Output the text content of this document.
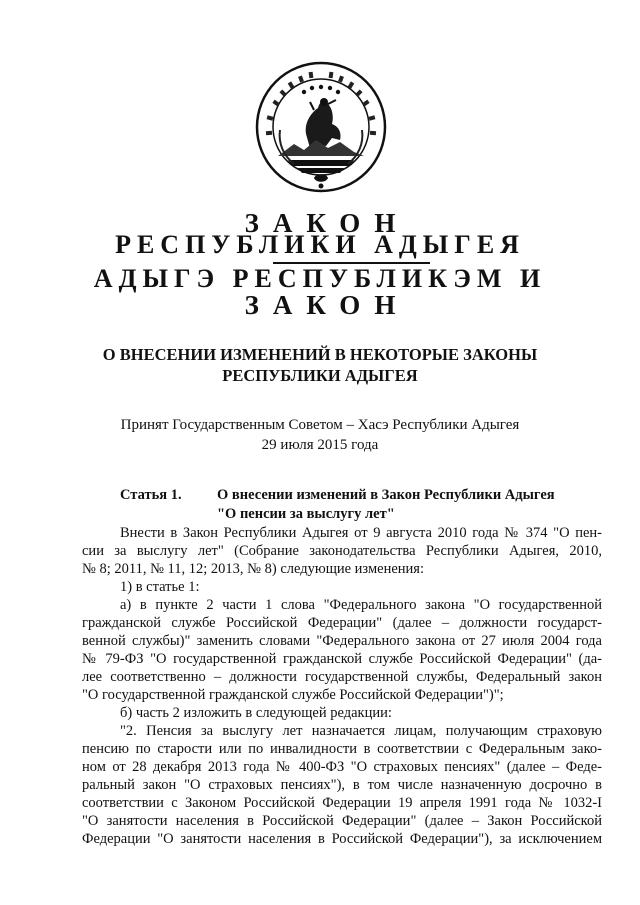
ЗАКОН
РЕСПУБЛИКИ АДЫГЕЯ
АДЫГЭ РЕСПУБЛИКЭМ И
ЗАКОН
О ВНЕСЕНИИ ИЗМЕНЕНИЙ В НЕКОТОРЫЕ ЗАКОНЫ
РЕСПУБЛИКИ АДЫГЕЯ
Принят Государственным Советом – Хасэ Республики Адыгея
29 июля 2015 года
Статья 1. О внесении изменений в Закон Республики Адыгея
"О пенсии за выслугу лет"

Внести в Закон Республики Адыгея от 9 августа 2010 года № 374 "О пен-
сии за выслугу лет" (Собрание законодательства Республики Адыгея, 2010,
№ 8; 2011, № 11, 12; 2013, № 8) следующие изменения:

1) в статье 1:

а) в пункте 2 части 1 слова "Федерального закона "О государственной
гражданской службе Российской Федерации" (далее – должности государст-
венной службы)" заменить словами "Федерального закона от 27 июля 2004 года
№ 79-ФЗ "О государственной гражданской службе Российской Федерации" (да-
лее соответственно – должности государственной службы, Федеральный закон
"О государственной гражданской службе Российской Федерации")";

б) часть 2 изложить в следующей редакции:

"2. Пенсия за выслугу лет назначается лицам, получающим страховую
пенсию по старости или по инвалидности в соответствии с Федеральным зако-
ном от 28 декабря 2013 года № 400-ФЗ "О страховых пенсиях" (далее – Феде-
ральный закон "О страховых пенсиях"), в том числе назначенную досрочно в
соответствии с Законом Российской Федерации 19 апреля 1991 года № 1032-I
"О занятости населения в Российской Федерации" (далее – Закон Российской
Федерации "О занятости населения в Российской Федерации"), за исключением
